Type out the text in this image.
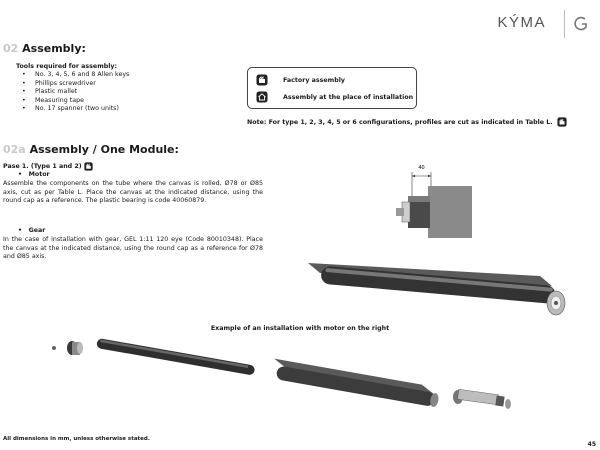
KÝMA
02 Assembly:
Tools required for assembly:
• No. 3, 4, 5, 6 and 8 Allen keys
• Phillips screwdriver
• Plastic mallet
• Measuring tape
• No. 17 spanner (two units)
Factory assembly
Assembly at the place of installation
Note: For type 1, 2, 3, 4, 5 or 6 configurations, profiles are cut as indicated in Table L.
02a Assembly / One Module:
Pase 1. (Type 1 and 2)
•   Motor
Assemble the components on the tube where the canvas is rolled, Ø78 or Ø85 axis, cut as per Table L. Place the canvas at the indicated distance, using the round cap as a reference. The plastic bearing is code 40060879.
•   Gear
In the case of installation with gear, GEL 1:11 120 eye (Code 80010348). Place the canvas at the indicated distance, using the round cap as a reference for Ø78 and Ø85 axis.
40
Example of an installation with motor on the right
All dimensions in mm, unless otherwise stated.
45
